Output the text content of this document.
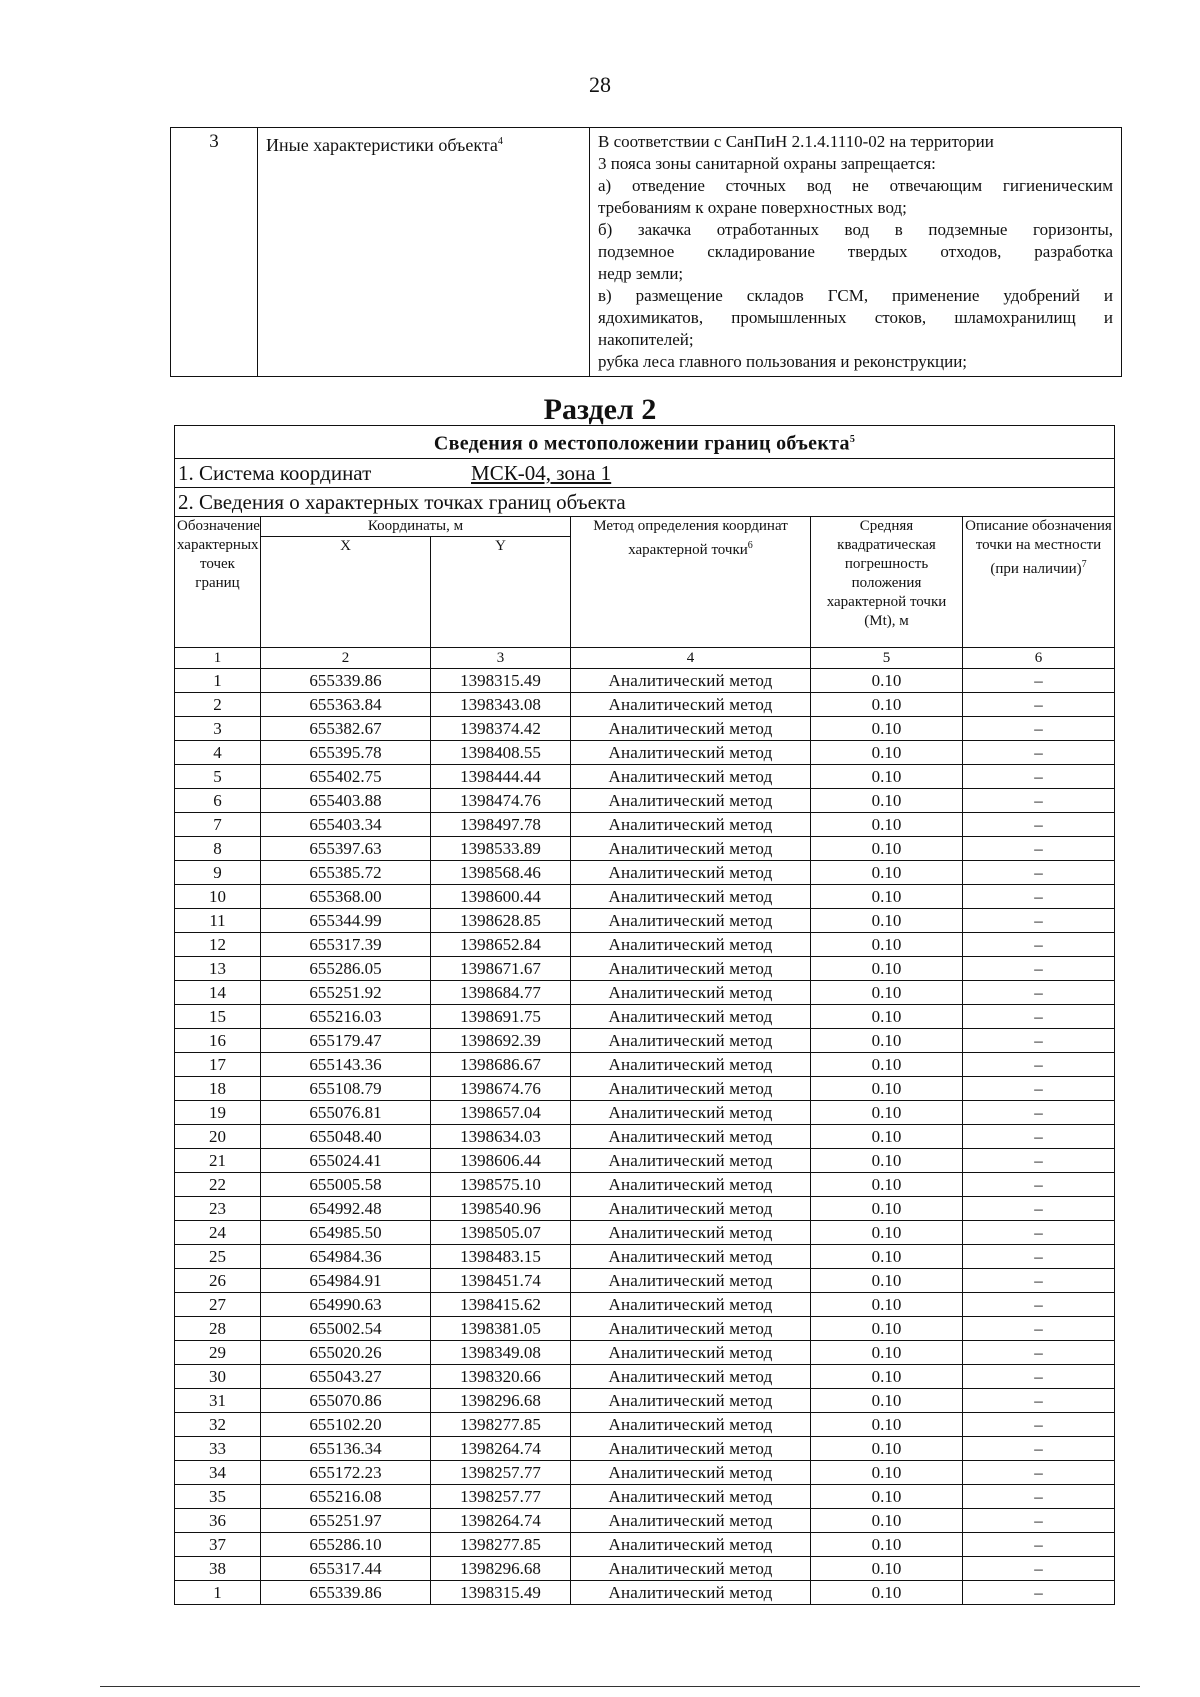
28
3	Иные характеристики объекта$^4$	В соответствии с СанПиН 2.1.4.1110-02 на территории
3 пояса зоны санитарной охраны запрещается:
а) отведение сточных вод не отвечающим гигиеническим
требованиям к охране поверхностных вод;
б) закачка отработанных вод в подземные горизонты,
подземное складирование твердых отходов, разработка
недр земли;
в) размещение складов ГСМ, применение удобрений и
ядохимикатов, промышленных стоков, шламохранилищ и
накопителей;
рубка леса главного пользования и реконструкции;
Раздел 2
Сведения о местоположении границ объекта$^5$
1. Система координат МСК-04, зона 1					
2. Сведения о характерных точках границ объекта					
Обозначение характерных точек границ	Координаты, м		Метод определения координат характерной точки$^6$	Средняя квадратическая погрешность положения характерной точки (Mt), м	Описание обозначения точки на местности (при наличии)$^7$
	X	Y			
1	2	3	4	5	6
1	655339.86	1398315.49	Аналитический метод	0.10	–
2	655363.84	1398343.08	Аналитический метод	0.10	–
3	655382.67	1398374.42	Аналитический метод	0.10	–
4	655395.78	1398408.55	Аналитический метод	0.10	–
5	655402.75	1398444.44	Аналитический метод	0.10	–
6	655403.88	1398474.76	Аналитический метод	0.10	–
7	655403.34	1398497.78	Аналитический метод	0.10	–
8	655397.63	1398533.89	Аналитический метод	0.10	–
9	655385.72	1398568.46	Аналитический метод	0.10	–
10	655368.00	1398600.44	Аналитический метод	0.10	–
11	655344.99	1398628.85	Аналитический метод	0.10	–
12	655317.39	1398652.84	Аналитический метод	0.10	–
13	655286.05	1398671.67	Аналитический метод	0.10	–
14	655251.92	1398684.77	Аналитический метод	0.10	–
15	655216.03	1398691.75	Аналитический метод	0.10	–
16	655179.47	1398692.39	Аналитический метод	0.10	–
17	655143.36	1398686.67	Аналитический метод	0.10	–
18	655108.79	1398674.76	Аналитический метод	0.10	–
19	655076.81	1398657.04	Аналитический метод	0.10	–
20	655048.40	1398634.03	Аналитический метод	0.10	–
21	655024.41	1398606.44	Аналитический метод	0.10	–
22	655005.58	1398575.10	Аналитический метод	0.10	–
23	654992.48	1398540.96	Аналитический метод	0.10	–
24	654985.50	1398505.07	Аналитический метод	0.10	–
25	654984.36	1398483.15	Аналитический метод	0.10	–
26	654984.91	1398451.74	Аналитический метод	0.10	–
27	654990.63	1398415.62	Аналитический метод	0.10	–
28	655002.54	1398381.05	Аналитический метод	0.10	–
29	655020.26	1398349.08	Аналитический метод	0.10	–
30	655043.27	1398320.66	Аналитический метод	0.10	–
31	655070.86	1398296.68	Аналитический метод	0.10	–
32	655102.20	1398277.85	Аналитический метод	0.10	–
33	655136.34	1398264.74	Аналитический метод	0.10	–
34	655172.23	1398257.77	Аналитический метод	0.10	–
35	655216.08	1398257.77	Аналитический метод	0.10	–
36	655251.97	1398264.74	Аналитический метод	0.10	–
37	655286.10	1398277.85	Аналитический метод	0.10	–
38	655317.44	1398296.68	Аналитический метод	0.10	–
1	655339.86	1398315.49	Аналитический метод	0.10	–
